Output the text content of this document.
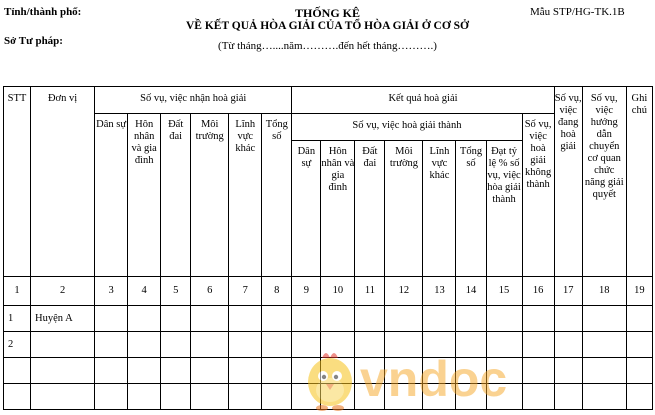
Tỉnh/thành phố:
Sở Tư pháp:
Mẫu STP/HG-TK.1B
THỐNG KÊ
VỀ KẾT QUẢ HÒA GIẢI CỦA TỔ HÒA GIẢI Ở CƠ SỞ
(Từ tháng…....năm……….đến hết tháng……….)
STT	Đơn vị	Số vụ, việc nhận hoà giải						Kết quả hoà giải								Số vụ, việc đang hoà giải	Số vụ, việc hướng dẫn chuyển cơ quan chức năng giải quyết	Ghi chú
		Dân sự	Hôn nhân và gia đình	Đất đai	Môi trường	Lĩnh vực khác	Tổng số	Số vụ, việc hoà giải thành							Số vụ, việc hoà giải không thành			
								Dân sự	Hôn nhân và gia đình	Đất đai	Môi trường	Lĩnh vực khác	Tổng số	Đạt tỷ lệ % số vụ, việc hòa giải thành				
1	2	3	4	5	6	7	8	9	10	11	12	13	14	15	16	17	18	19
1	Huyện A																	
2																		

vndoc
